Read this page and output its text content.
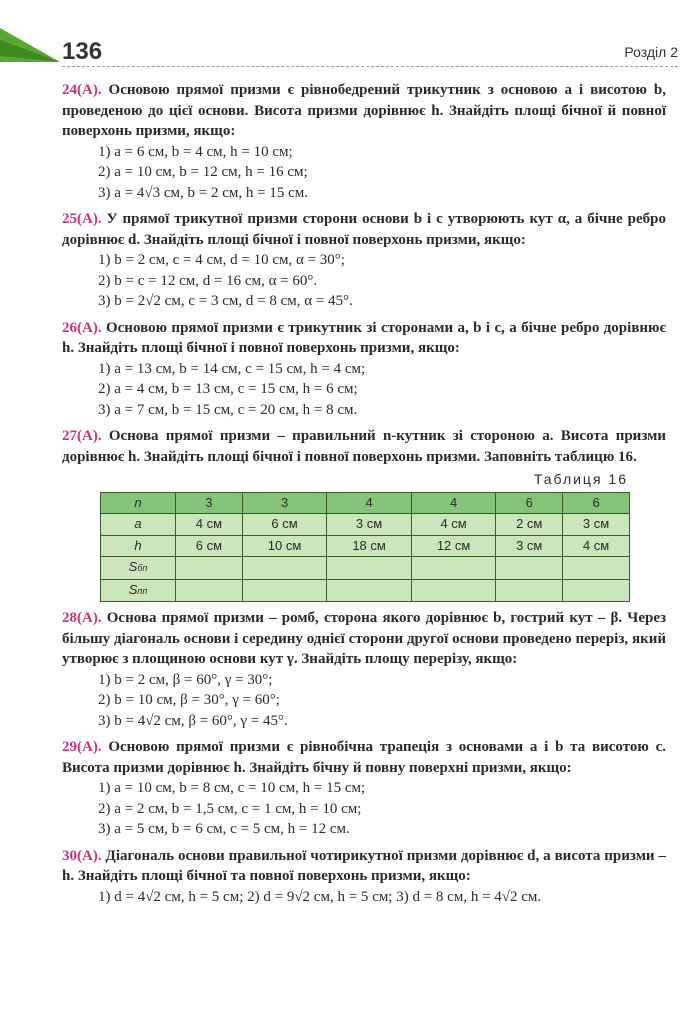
136	Розділ 2
24(А). Основою прямої призми є рівнобедрений трикутник з основою a і висотою b, проведеною до цієї основи. Висота призми дорівнює h. Знайдіть площі бічної й повної поверхонь призми, якщо:
1) a = 6 см, b = 4 см, h = 10 см;
2) a = 10 см, b = 12 см, h = 16 см;
3) a = 4√3 см, b = 2 см, h = 15 см.
25(А). У прямої трикутної призми сторони основи b і c утворюють кут α, а бічне ребро дорівнює d. Знайдіть площі бічної і повної поверхонь призми, якщо:
1) b = 2 см, c = 4 см, d = 10 см, α = 30°;
2) b = c = 12 см, d = 16 см, α = 60°.
3) b = 2√2 см, c = 3 см, d = 8 см, α = 45°.
26(А). Основою прямої призми є трикутник зі сторонами a, b і c, а бічне ребро дорівнює h. Знайдіть площі бічної і повної поверхонь призми, якщо:
1) a = 13 см, b = 14 см, c = 15 см, h = 4 см;
2) a = 4 см, b = 13 см, c = 15 см, h = 6 см;
3) a = 7 см, b = 15 см, c = 20 см, h = 8 см.
27(А). Основа прямої призми – правильний n-кутник зі стороною a. Висота призми дорівнює h. Знайдіть площі бічної і повної поверхонь призми. Заповніть таблицю 16.
Таблиця 16
n	3	3	4	4	6	6
a	4 см	6 см	3 см	4 см	2 см	3 см
h	6 см	10 см	18 см	12 см	3 см	4 см
Sбп						
Sпп						
28(А). Основа прямої призми – ромб, сторона якого дорівнює b, гострий кут – β. Через більшу діагональ основи і середину однієї сторони другої основи проведено переріз, який утворює з площиною основи кут γ. Знайдіть площу перерізу, якщо:
1) b = 2 см, β = 60°, γ = 30°;
2) b = 10 см, β = 30°, γ = 60°;
3) b = 4√2 см, β = 60°, γ = 45°.
29(А). Основою прямої призми є рівнобічна трапеція з основами a і b та висотою c. Висота призми дорівнює h. Знайдіть бічну й повну поверхні призми, якщо:
1) a = 10 см, b = 8 см, c = 10 см, h = 15 см;
2) a = 2 см, b = 1,5 см, c = 1 см, h = 10 см;
3) a = 5 см, b = 6 см, c = 5 см, h = 12 см.
30(А). Діагональ основи правильної чотирикутної призми дорівнює d, а висота призми – h. Знайдіть площі бічної та повної поверхонь призми, якщо:
1) d = 4√2 см, h = 5 см; 2) d = 9√2 см, h = 5 см; 3) d = 8 см, h = 4√2 см.
